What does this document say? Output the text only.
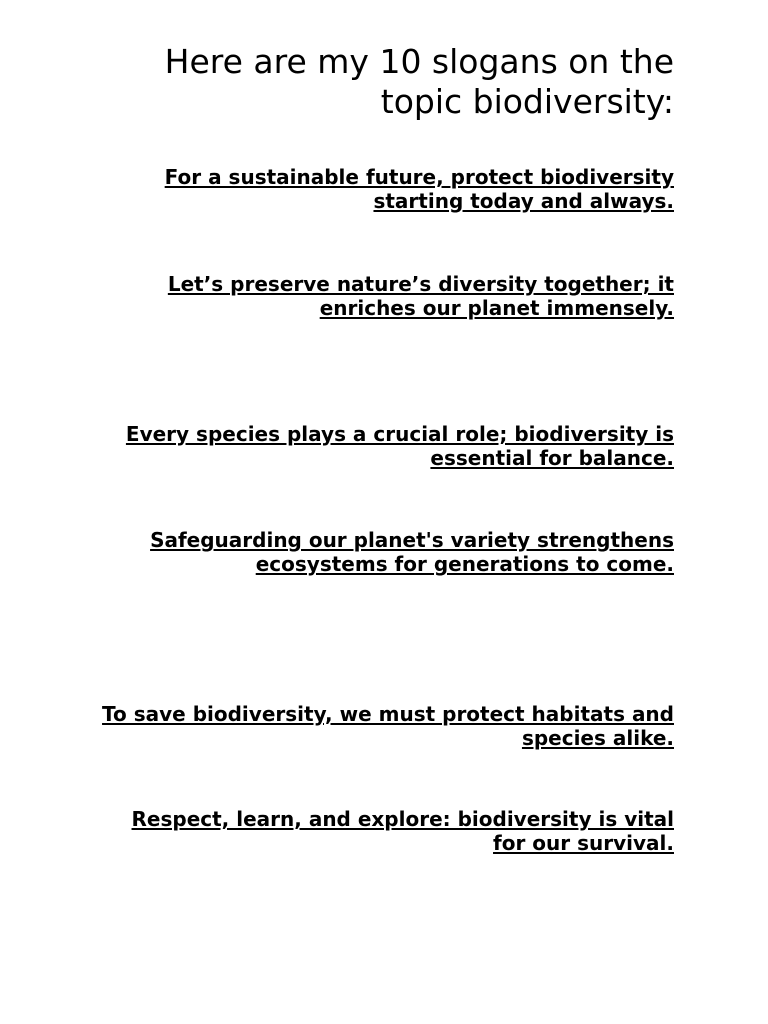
Here are my 10 slogans on the topic biodiversity:

For a sustainable future, protect biodiversity starting today and always.

Let’s preserve nature’s diversity together; it enriches our planet immensely.

Every species plays a crucial role; biodiversity is essential for balance.

Safeguarding our planet's variety strengthens ecosystems for generations to come.

To save biodiversity, we must protect habitats and species alike.

Respect, learn, and explore: biodiversity is vital for our survival.
